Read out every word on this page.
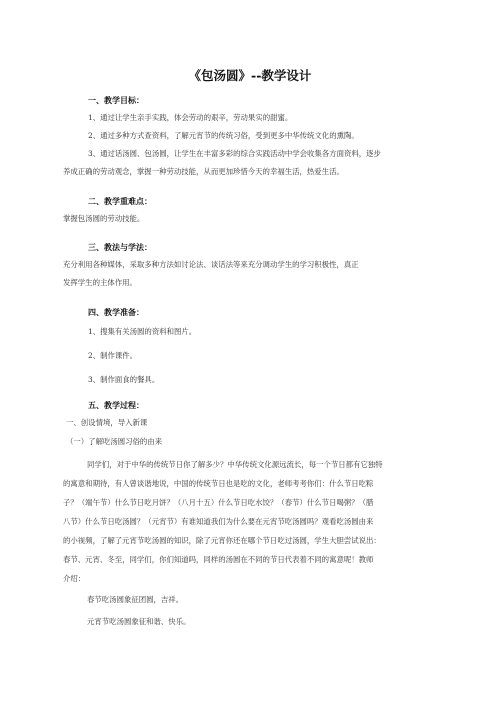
《包汤圆》--教学设计
一、教学目标：
1、通过让学生亲手实践，体会劳动的艰辛，劳动果实的甜蜜。
2、通过多种方式查资料，了解元宵节的传统习俗，受到更多中华传统文化的熏陶。
3、通过话汤圆、包汤圆，让学生在丰富多彩的综合实践活动中学会收集各方面资料，逐步
养成正确的劳动观念，掌握一种劳动技能，从而更加珍惜今天的幸福生活，热爱生活。
二、教学重难点：
掌握包汤圆的劳动技能。
三、教法与学法：
充分利用各种媒体，采取多种方法如讨论法、谈话法等来充分调动学生的学习积极性，真正
发挥学生的主体作用。
四、教学准备：
1、搜集有关汤圆的资料和图片。
2、制作课件。
3、制作面食的餐具。
五、教学过程：
一、创设情境，导入新课
（一）了解吃汤圆习俗的由来
同学们，对于中华的传统节日你了解多少？中华传统文化源远流长，每一个节日都有它独特
的寓意和期待，有人曾谈谐地说，中国的传统节日也是吃的文化，老师考考你们：什么节日吃粽
子？（端午节）什么节日吃月饼？（八月十五）什么节日吃水饺？（春节）什么节日喝粥？（腊
八节）什么节日吃汤圆？（元宵节）有谁知道我们为什么要在元宵节吃汤圆吗？观看吃汤圆由来
的小视频，了解了元宵节吃汤圆的知识，除了元宵你还在哪个节日吃过汤圆，学生大胆尝试说出：
春节、元宵、冬至，同学们，你们知道吗，同样的汤圆在不同的节日代表着不同的寓意呢！教师
介绍：
春节吃汤圆象征团圆，吉祥。
元宵节吃汤圆象征和谐、快乐。
